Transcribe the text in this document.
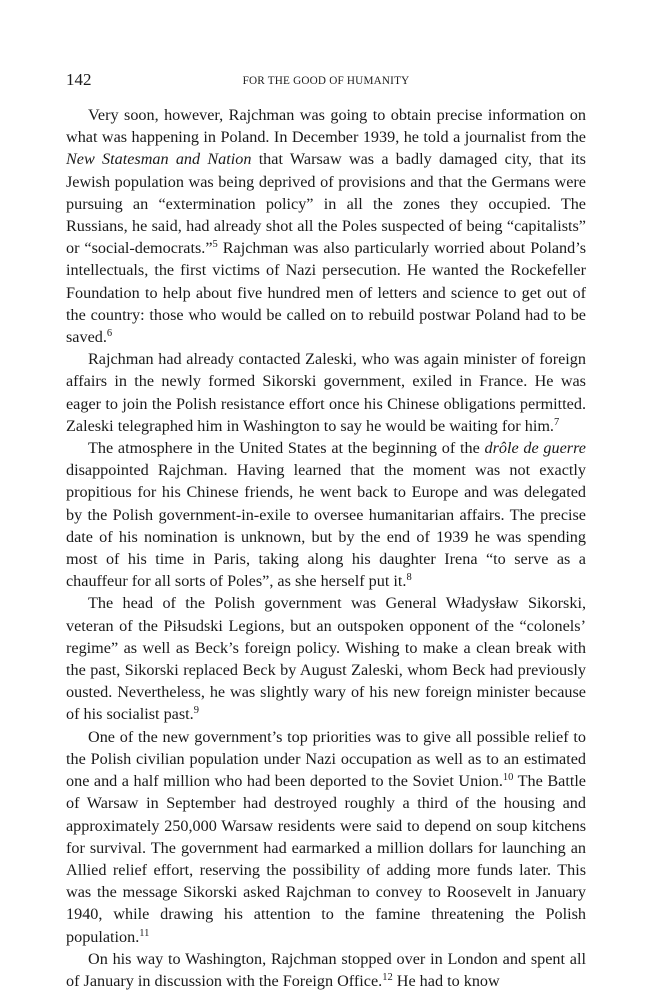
142	FOR THE GOOD OF HUMANITY

Very soon, however, Rajchman was going to obtain precise information on what was happening in Poland. In December 1939, he told a journalist from the New Statesman and Nation that Warsaw was a badly damaged city, that its Jewish population was being deprived of provisions and that the Germans were pursuing an “extermination policy” in all the zones they occupied. The Russians, he said, had already shot all the Poles suspected of being “capitalists” or “social-democrats.”$^5$ Rajchman was also particularly worried about Poland’s intellectuals, the first victims of Nazi persecution. He wanted the Rockefeller Foundation to help about five hundred men of letters and science to get out of the country: those who would be called on to rebuild postwar Poland had to be saved.$^6$

Rajchman had already contacted Zaleski, who was again minister of foreign affairs in the newly formed Sikorski government, exiled in France. He was eager to join the Polish resistance effort once his Chinese obligations permitted. Zaleski telegraphed him in Washington to say he would be waiting for him.$^7$

The atmosphere in the United States at the beginning of the drôle de guerre disappointed Rajchman. Having learned that the moment was not exactly propitious for his Chinese friends, he went back to Europe and was delegated by the Polish government-in-exile to oversee humanitarian affairs. The precise date of his nomination is unknown, but by the end of 1939 he was spending most of his time in Paris, taking along his daughter Irena “to serve as a chauffeur for all sorts of Poles”, as she herself put it.$^8$

The head of the Polish government was General Władysław Sikorski, veteran of the Piłsudski Legions, but an outspoken opponent of the “colonels’ regime” as well as Beck’s foreign policy. Wishing to make a clean break with the past, Sikorski replaced Beck by August Zaleski, whom Beck had previously ousted. Nevertheless, he was slightly wary of his new foreign minister because of his socialist past.$^9$

One of the new government’s top priorities was to give all possible relief to the Polish civilian population under Nazi occupation as well as to an estimated one and a half million who had been deported to the Soviet Union.$^{10}$ The Battle of Warsaw in September had destroyed roughly a third of the housing and approximately 250,000 Warsaw residents were said to depend on soup kitchens for survival. The government had earmarked a million dollars for launching an Allied relief effort, reserving the possibility of adding more funds later. This was the message Sikorski asked Rajchman to convey to Roosevelt in January 1940, while drawing his attention to the famine threatening the Polish population.$^{11}$

On his way to Washington, Rajchman stopped over in London and spent all of January in discussion with the Foreign Office.$^{12}$ He had to know
